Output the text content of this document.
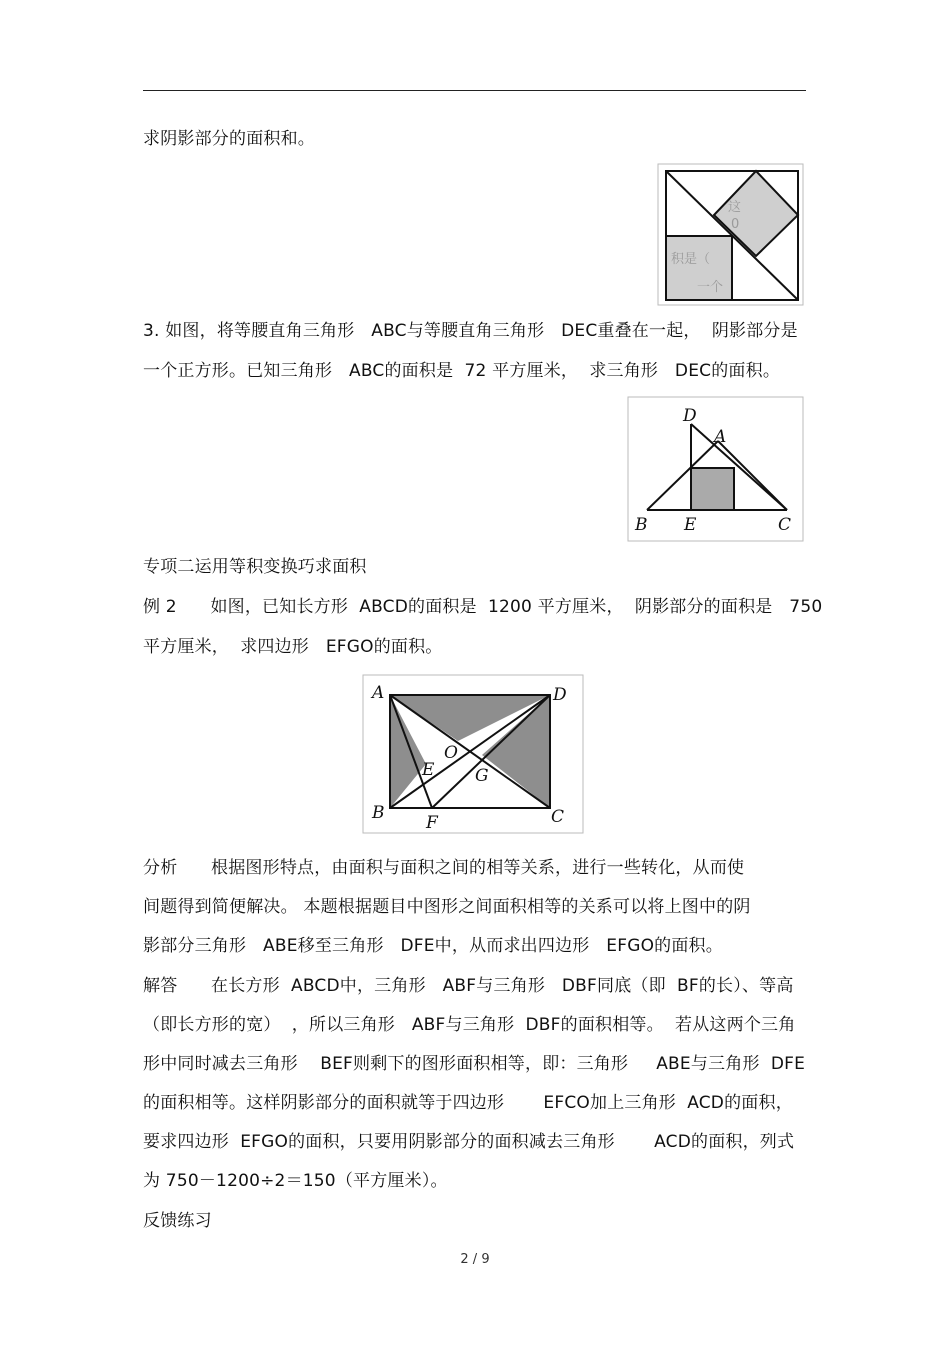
求阴影部分的面积和。
这
0
积是（
一个
3. 如图，将等腰直角三角形   ABC与等腰直角三角形   DEC重叠在一起，  阴影部分是
一个正方形。已知三角形   ABC的面积是  72 平方厘米，  求三角形   DEC的面积。
D
A
B E	C
专项二运用等积变换巧求面积
例 2      如图，已知长方形  ABCD的面积是  1200 平方厘米，  阴影部分的面积是   750
平方厘米，  求四边形   EFGO的面积。
A	D
B	C
O
E G
F
分析      根据图形特点，由面积与面积之间的相等关系，进行一些转化，从而使
间题得到简便解决。 本题根据题目中图形之间面积相等的关系可以将上图中的阴
影部分三角形   ABE移至三角形   DFE中，从而求出四边形   EFGO的面积。
解答      在长方形  ABCD中，三角形   ABF与三角形   DBF同底（即  BF的长）、等高
（即长方形的宽）  ，所以三角形   ABF与三角形  DBF的面积相等。  若从这两个三角
形中同时减去三角形    BEF则剩下的图形面积相等，即：三角形     ABE与三角形  DFE
的面积相等。这样阴影部分的面积就等于四边形       EFCO加上三角形  ACD的面积，
要求四边形  EFGO的面积，只要用阴影部分的面积减去三角形       ACD的面积，列式
为 750－1200÷2＝150（平方厘米）。
反馈练习
2 / 9
